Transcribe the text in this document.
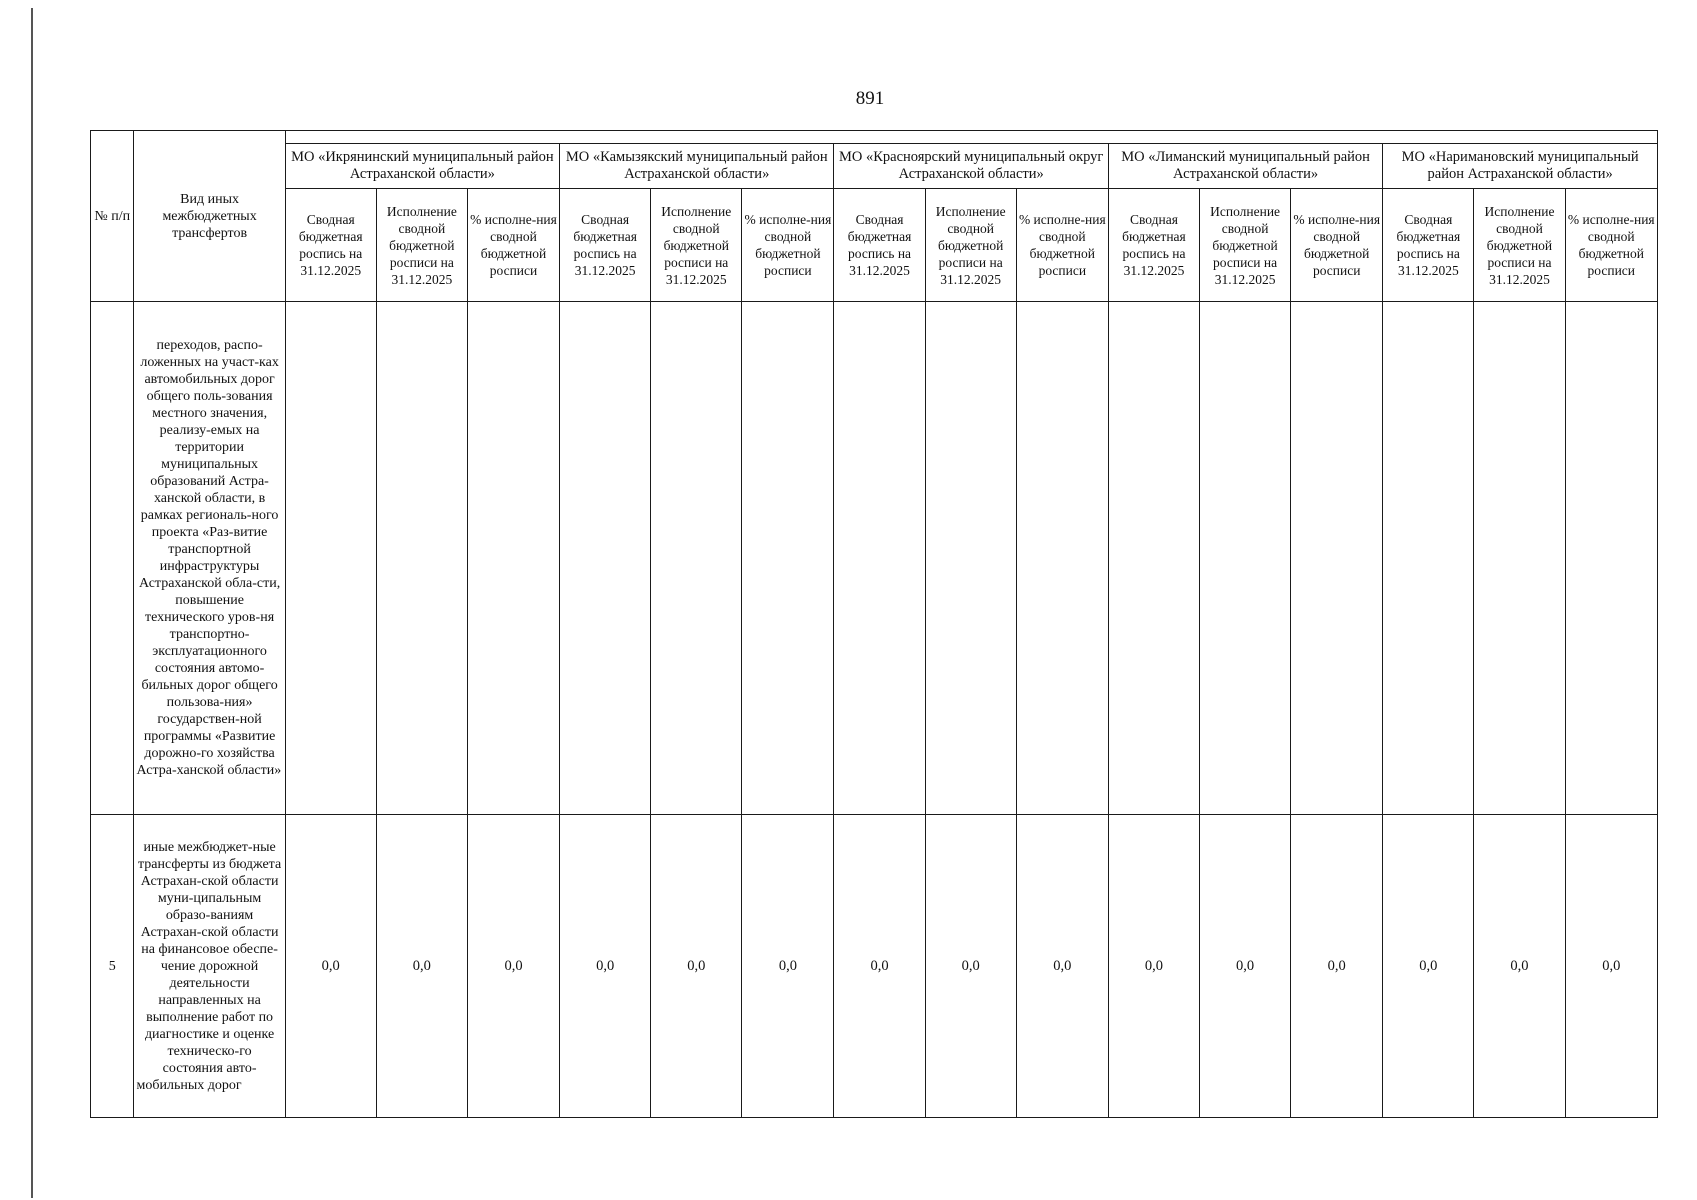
891
№ п/п	Вид иных межбюджетных трансфертов															
		МО «Икрянинский муниципальный район Астраханской области»			МО «Камызякский муниципальный район Астраханской области»			МО «Красноярский муниципальный округ Астраханской области»			МО «Лиманский муниципальный район Астраханской области»			МО «Наримановский муниципальный район Астраханской области»		
		Сводная бюджетная роспись на 31.12.2025	Исполнение сводной бюджетной росписи на 31.12.2025	% исполне-ния сводной бюджетной росписи	Сводная бюджетная роспись на 31.12.2025	Исполнение сводной бюджетной росписи на 31.12.2025	% исполне-ния сводной бюджетной росписи	Сводная бюджетная роспись на 31.12.2025	Исполнение сводной бюджетной росписи на 31.12.2025	% исполне-ния сводной бюджетной росписи	Сводная бюджетная роспись на 31.12.2025	Исполнение сводной бюджетной росписи на 31.12.2025	% исполне-ния сводной бюджетной росписи	Сводная бюджетная роспись на 31.12.2025	Исполнение сводной бюджетной росписи на 31.12.2025	% исполне-ния сводной бюджетной росписи
	переходов, распо-ложенных на участ-ках автомобильных дорог общего поль-зования местного значения, реализу-емых на территории муниципальных образований Астра-ханской области, в рамках региональ-ного проекта «Раз-витие транспортной инфраструктуры Астраханской обла-сти, повышение технического уров-ня транспортно-эксплуатационного состояния автомо-бильных дорог общего пользова-ния» государствен-ной программы «Развитие дорожно-го хозяйства Астра-ханской области»															
5	иные межбюджет-ные трансферты из бюджета Астрахан-ской области муни-ципальным образо-ваниям Астрахан-ской области на финансовое обеспе-чение дорожной деятельности направленных на выполнение работ по диагностике и оценке техническо-го состояния авто-мобильных дорог	0,0	0,0	0,0	0,0	0,0	0,0	0,0	0,0	0,0	0,0	0,0	0,0	0,0	0,0	0,0
